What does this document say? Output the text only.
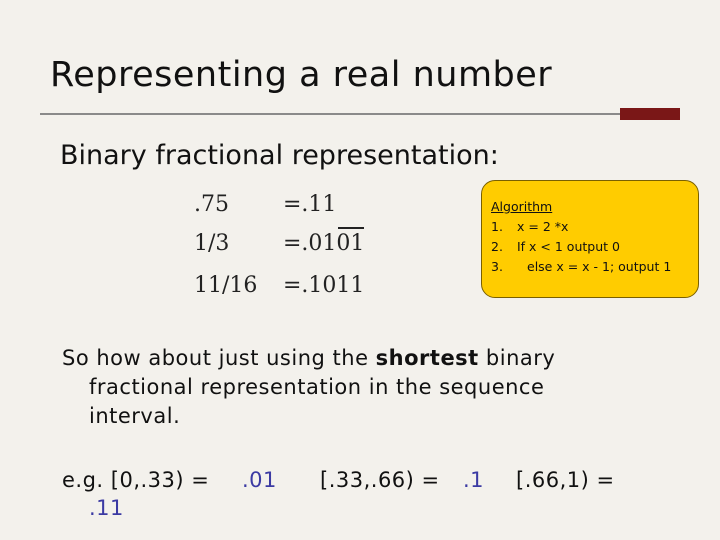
Representing a real number
Binary fractional representation:
.75 =.11
1/3 =.0101
11/16 =.1011
Algorithm
1.	x = 2 *x
2.	If x < 1 output 0
3.	else x = x - 1; output 1
So how about just using the shortest binary
fractional representation in the sequence
interval.
e.g. [0,.33) = .01 [.33,.66) = .1 [.66,1) =
.11
